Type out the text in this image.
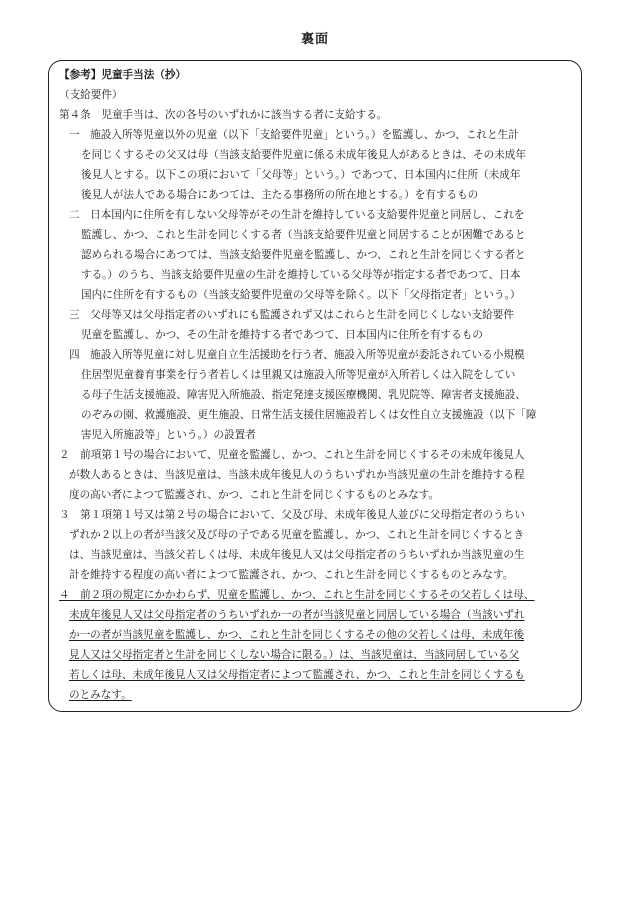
裏面
【参考】児童手当法（抄）
（支給要件）
第４条　児童手当は、次の各号のいずれかに該当する者に支給する。
一　施設入所等児童以外の児童（以下「支給要件児童」という。）を監護し、かつ、これと生計
を同じくするその父又は母（当該支給要件児童に係る未成年後見人があるときは、その未成年
後見人とする。以下この項において「父母等」という。）であつて、日本国内に住所（未成年
後見人が法人である場合にあつては、主たる事務所の所在地とする。）を有するもの
二　日本国内に住所を有しない父母等がその生計を維持している支給要件児童と同居し、これを
監護し、かつ、これと生計を同じくする者（当該支給要件児童と同居することが困難であると
認められる場合にあつては、当該支給要件児童を監護し、かつ、これと生計を同じくする者と
する。）のうち、当該支給要件児童の生計を維持している父母等が指定する者であつて、日本
国内に住所を有するもの（当該支給要件児童の父母等を除く。以下「父母指定者」という。）
三　父母等又は父母指定者のいずれにも監護されず又はこれらと生計を同じくしない支給要件
児童を監護し、かつ、その生計を維持する者であつて、日本国内に住所を有するもの
四　施設入所等児童に対し児童自立生活援助を行う者、施設入所等児童が委託されている小規模
住居型児童養育事業を行う者若しくは里親又は施設入所等児童が入所若しくは入院をしてい
る母子生活支援施設、障害児入所施設、指定発達支援医療機関、乳児院等、障害者支援施設、
のぞみの園、救護施設、更生施設、日常生活支援住居施設若しくは女性自立支援施設（以下「障
害児入所施設等」という。）の設置者
２　前項第１号の場合において、児童を監護し、かつ、これと生計を同じくするその未成年後見人
が数人あるときは、当該児童は、当該未成年後見人のうちいずれか当該児童の生計を維持する程
度の高い者によつて監護され、かつ、これと生計を同じくするものとみなす。
３　第１項第１号又は第２号の場合において、父及び母、未成年後見人並びに父母指定者のうちい
ずれか２以上の者が当該父及び母の子である児童を監護し、かつ、これと生計を同じくするとき
は、当該児童は、当該父若しくは母、未成年後見人又は父母指定者のうちいずれか当該児童の生
計を維持する程度の高い者によつて監護され、かつ、これと生計を同じくするものとみなす。
４　前２項の規定にかかわらず、児童を監護し、かつ、これと生計を同じくするその父若しくは母、
未成年後見人又は父母指定者のうちいずれか一の者が当該児童と同居している場合（当該いずれ
か一の者が当該児童を監護し、かつ、これと生計を同じくするその他の父若しくは母、未成年後
見人又は父母指定者と生計を同じくしない場合に限る。）は、当該児童は、当該同居している父
若しくは母、未成年後見人又は父母指定者によつて監護され、かつ、これと生計を同じくするも
のとみなす。
